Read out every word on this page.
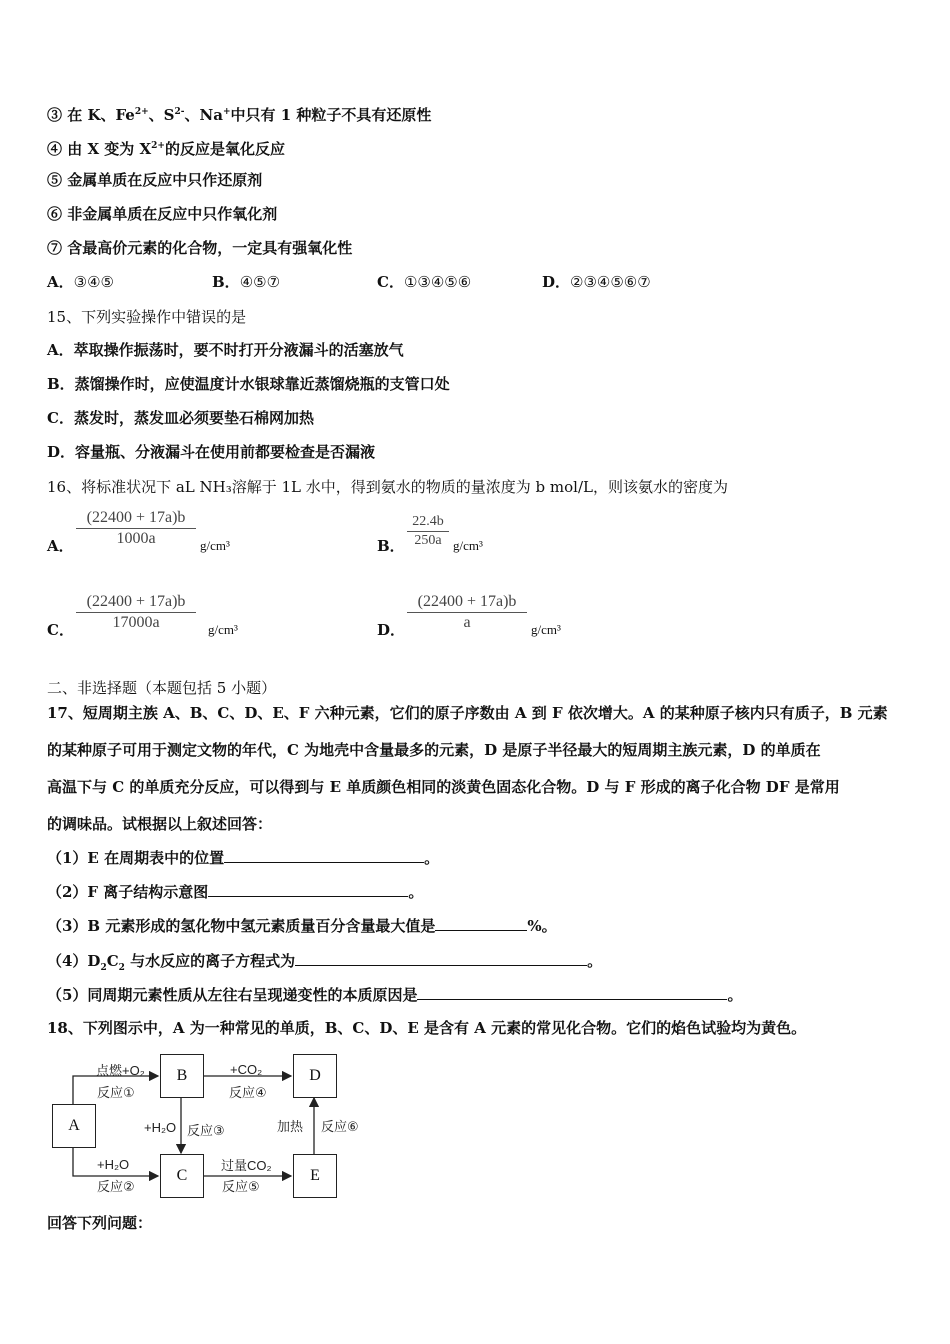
③ 在 K、$Fe^{2+}$、$S^{2-}$、Na+中只有 1 种粒子不具有还原性
④ 由 X 变为 $X^{2+}$的反应是氧化反应
⑤ 金属单质在反应中只作还原剂
⑥ 非金属单质在反应中只作氧化剂
⑦ 含最高价元素的化合物，一定具有强氧化性
A．③④⑤	B．④⑤⑦	C．①③④⑤⑥	D．②③④⑤⑥⑦
15、下列实验操作中错误的是
A．萃取操作振荡时，要不时打开分液漏斗的活塞放气
B．蒸馏操作时，应使温度计水银球靠近蒸馏烧瓶的支管口处
C．蒸发时，蒸发皿必须要垫石棉网加热
D．容量瓶、分液漏斗在使用前都要检查是否漏液
16、将标准状况下 aL NH₃溶解于 1L 水中，得到氨水的物质的量浓度为 b mol/L，则该氨水的密度为
A．
(22400 + 17a)b
1000a	g/cm³	B．
22.4b
250a g/cm³
C．
(22400 + 17a)b
17000a	g/cm³	D．
(22400 + 17a)b
a	g/cm³
二、非选择题（本题包括 5 小题）
17、短周期主族 A、B、C、D、E、F 六种元素，它们的原子序数由 A 到 F 依次增大。A 的某种原子核内只有质子，B 元素
的某种原子可用于测定文物的年代，C 为地壳中含量最多的元素，D 是原子半径最大的短周期主族元素，D 的单质在
高温下与 C 的单质充分反应，可以得到与 E 单质颜色相同的淡黄色固态化合物。D 与 F 形成的离子化合物 DF 是常用
的调味品。试根据以上叙述回答：
（1）E 在周期表中的位置	。
（2）F 离子结构示意图	。
（3）B 元素形成的氢化物中氢元素质量百分含量最大值是	%。
$(4)D_2C_2$ 与水反应的离子方程式为	。
（5）同周期元素性质从左往右呈现递变性的本质原因是	。
18、下列图示中，A 为一种常见的单质，B、C、D、E 是含有 A 元素的常见化合物。它们的焰色试验均为黄色。
A
B
C
D
E
点燃+O₂
反应①
+H₂O
反应②
+H₂O 反应③
+CO₂
反应④
过量CO₂
反应⑤
加热 反应⑥
回答下列问题：
